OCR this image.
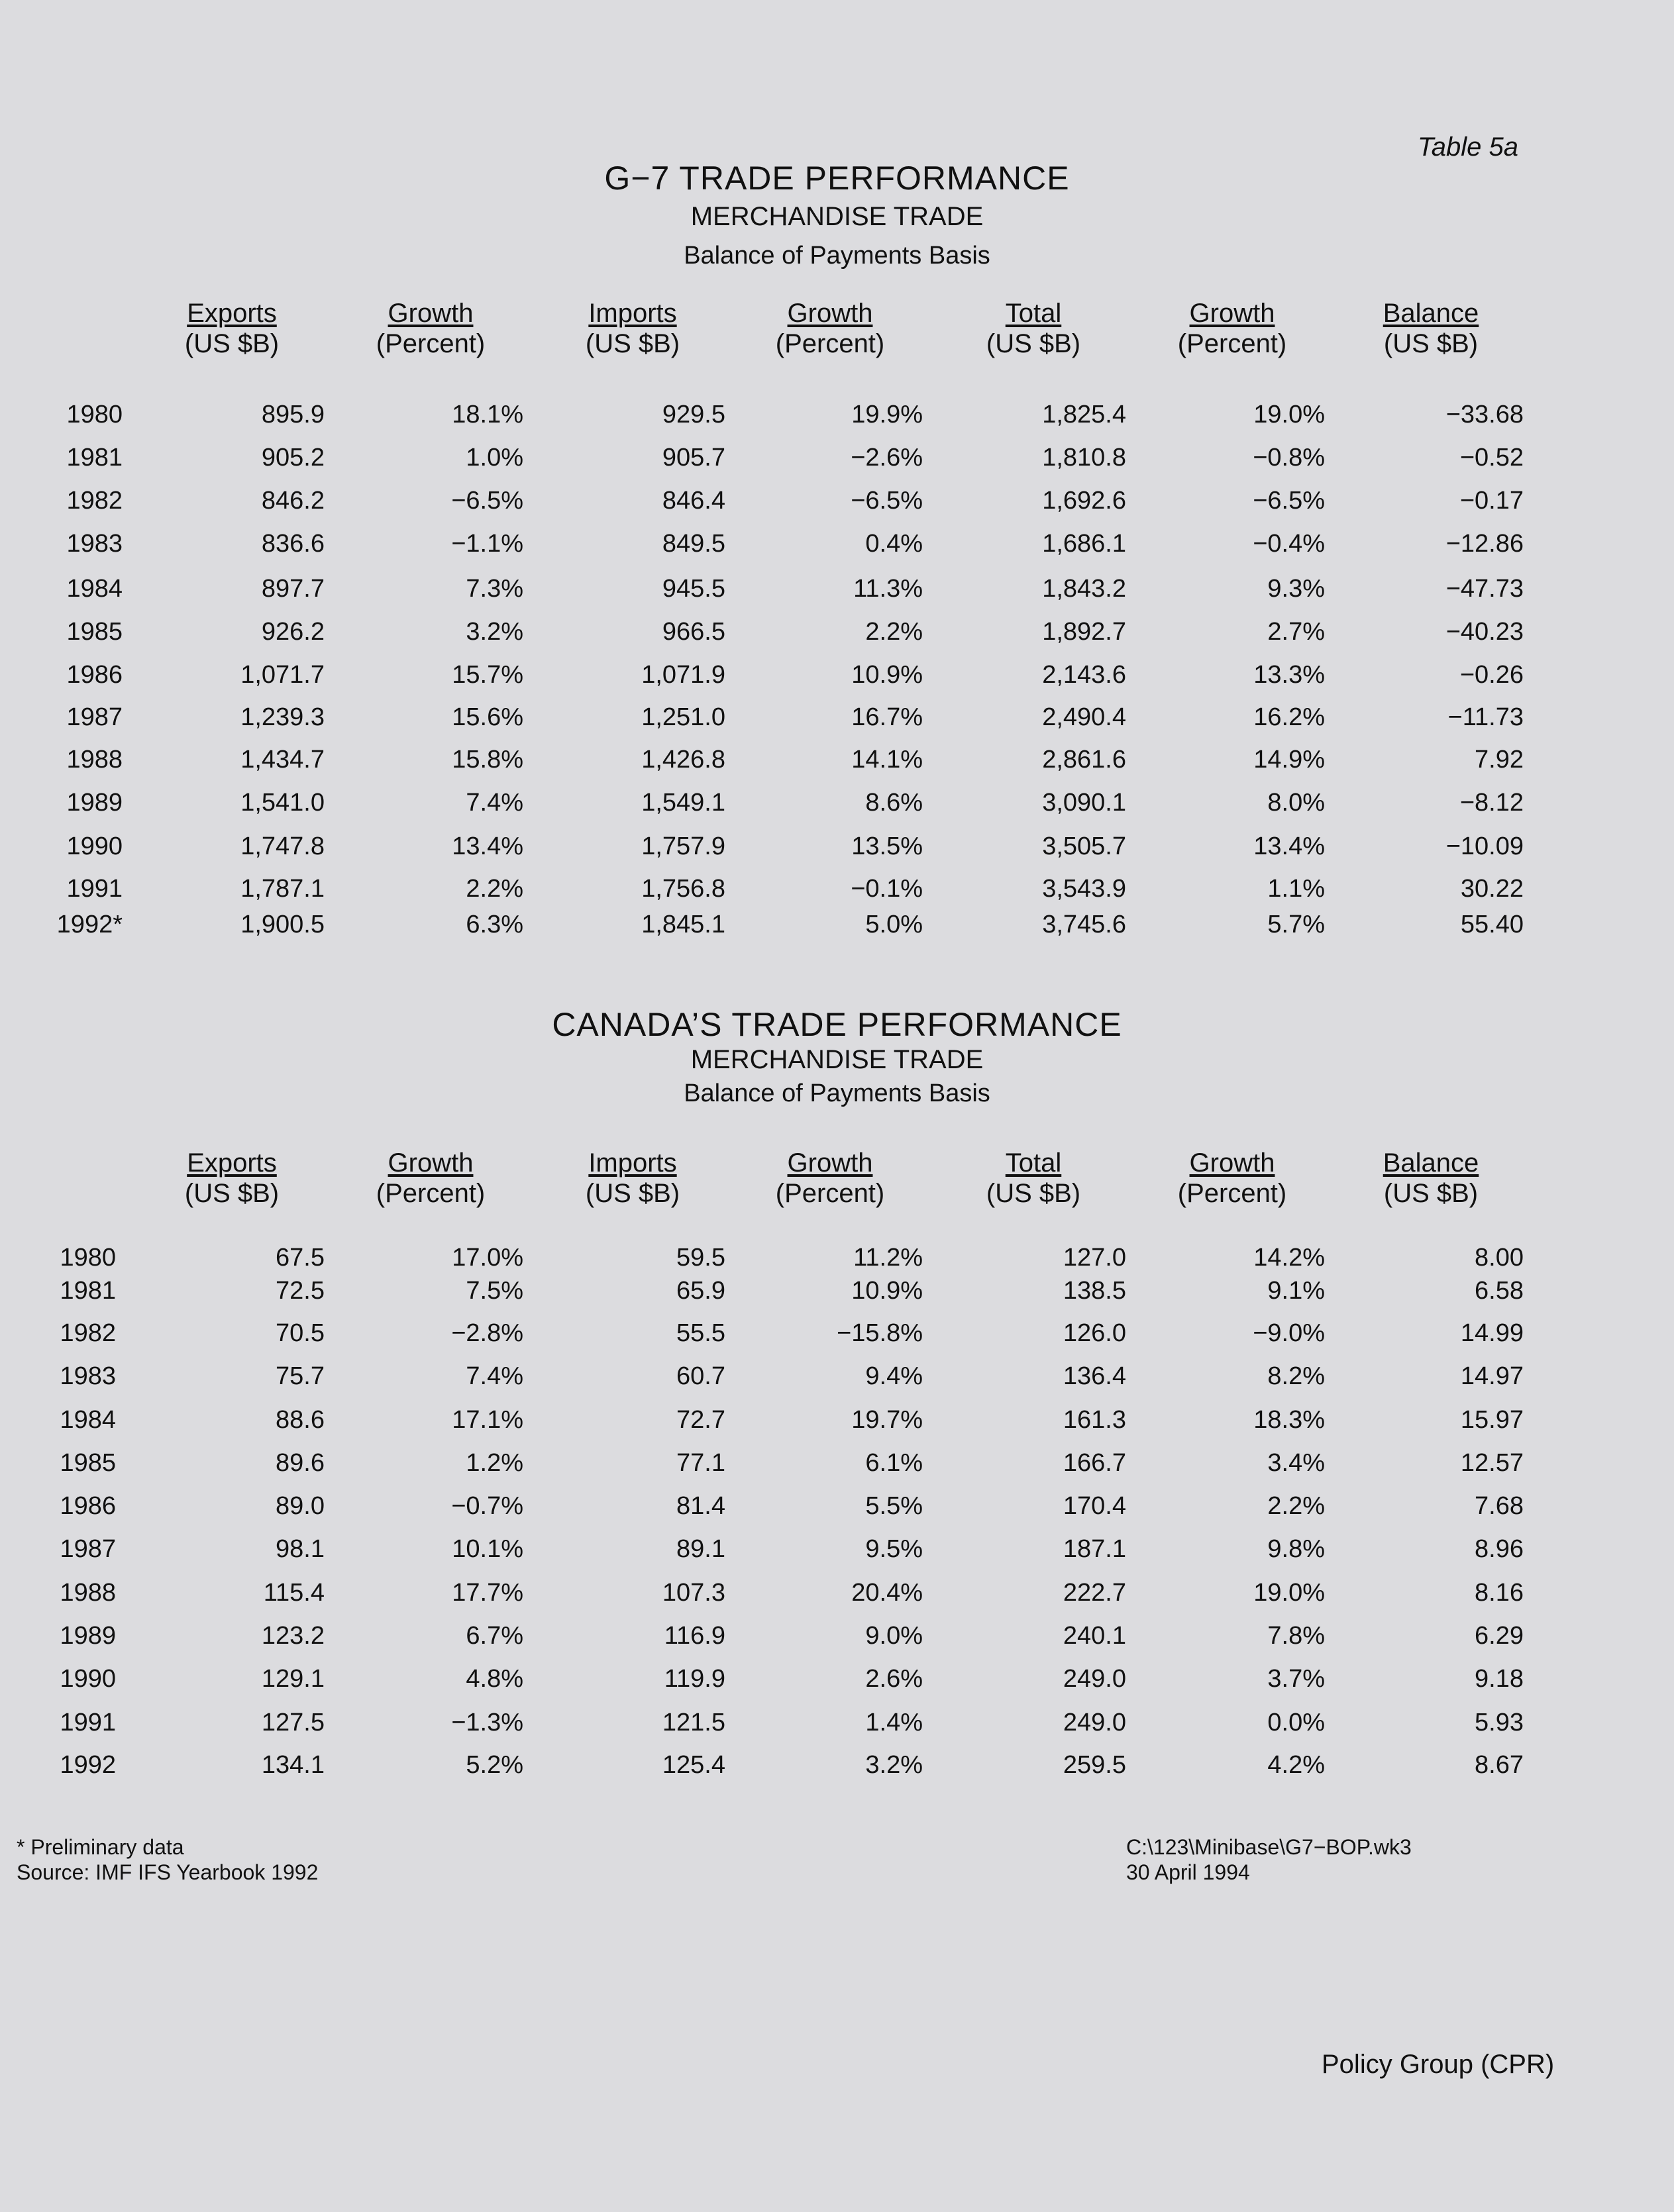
Table 5a
G−7 TRADE PERFORMANCE
MERCHANDISE TRADE
Balance of Payments Basis
Exports
(US $B)
Growth
(Percent)
Imports
(US $B)
Growth
(Percent)
Total
(US $B)
Growth
(Percent)
Balance
(US $B)
1980	895.9	18.1%	929.5	19.9%	1,825.4	19.0%	−33.68
1981	905.2	1.0%	905.7	−2.6%	1,810.8	−0.8%	−0.52
1982	846.2	−6.5%	846.4	−6.5%	1,692.6	−6.5%	−0.17
1983	836.6	−1.1%	849.5	0.4%	1,686.1	−0.4%	−12.86
1984	897.7	7.3%	945.5	11.3%	1,843.2	9.3%	−47.73
1985	926.2	3.2%	966.5	2.2%	1,892.7	2.7%	−40.23
1986	1,071.7	15.7%	1,071.9	10.9%	2,143.6	13.3%	−0.26
1987	1,239.3	15.6%	1,251.0	16.7%	2,490.4	16.2%	−11.73
1988	1,434.7	15.8%	1,426.8	14.1%	2,861.6	14.9%	7.92
1989	1,541.0	7.4%	1,549.1	8.6%	3,090.1	8.0%	−8.12
1990	1,747.8	13.4%	1,757.9	13.5%	3,505.7	13.4%	−10.09
1991	1,787.1	2.2%	1,756.8	−0.1%	3,543.9	1.1%	30.22
1992*	1,900.5	6.3%	1,845.1	5.0%	3,745.6	5.7%	55.40
CANADA’S TRADE PERFORMANCE
MERCHANDISE TRADE
Balance of Payments Basis
Exports
(US $B)
Growth
(Percent)
Imports
(US $B)
Growth
(Percent)
Total
(US $B)
Growth
(Percent)
Balance
(US $B)
1980	67.5	17.0%	59.5	11.2%	127.0	14.2%	8.00
1981	72.5	7.5%	65.9	10.9%	138.5	9.1%	6.58
1982	70.5	−2.8%	55.5	−15.8%	126.0	−9.0%	14.99
1983	75.7	7.4%	60.7	9.4%	136.4	8.2%	14.97
1984	88.6	17.1%	72.7	19.7%	161.3	18.3%	15.97
1985	89.6	1.2%	77.1	6.1%	166.7	3.4%	12.57
1986	89.0	−0.7%	81.4	5.5%	170.4	2.2%	7.68
1987	98.1	10.1%	89.1	9.5%	187.1	9.8%	8.96
1988	115.4	17.7%	107.3	20.4%	222.7	19.0%	8.16
1989	123.2	6.7%	116.9	9.0%	240.1	7.8%	6.29
1990	129.1	4.8%	119.9	2.6%	249.0	3.7%	9.18
1991	127.5	−1.3%	121.5	1.4%	249.0	0.0%	5.93
1992	134.1	5.2%	125.4	3.2%	259.5	4.2%	8.67
* Preliminary data
Source: IMF IFS Yearbook 1992
C:\123\Minibase\G7−BOP.wk3
30 April 1994
Policy Group (CPR)
